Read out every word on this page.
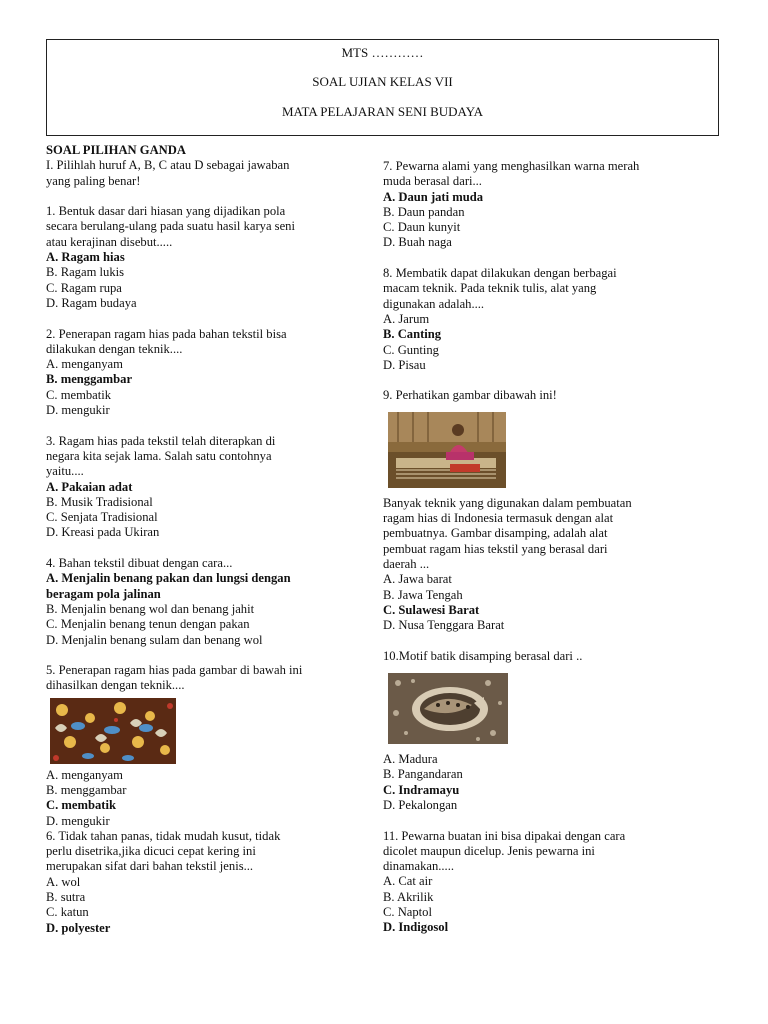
MTS …………
SOAL UJIAN KELAS VII
MATA PELAJARAN SENI BUDAYA
SOAL PILIHAN GANDA
I. Pilihlah huruf A, B, C atau D sebagai jawaban
yang paling benar!
1. Bentuk dasar dari hiasan yang dijadikan pola
secara berulang-ulang pada suatu hasil karya seni
atau kerajinan disebut.....
A. Ragam hias
B. Ragam lukis
C. Ragam rupa
D. Ragam budaya
2. Penerapan ragam hias pada bahan tekstil bisa
dilakukan dengan teknik....
A. menganyam
B. menggambar
C. membatik
D. mengukir
3. Ragam hias pada tekstil telah diterapkan di
negara kita sejak lama. Salah satu contohnya
yaitu....
A. Pakaian adat
B. Musik Tradisional
C. Senjata Tradisional
D. Kreasi pada Ukiran
4. Bahan tekstil dibuat dengan cara...
A. Menjalin benang pakan dan lungsi dengan
beragam pola jalinan
B. Menjalin benang wol dan benang jahit
C. Menjalin benang tenun dengan pakan
D. Menjalin benang sulam dan benang wol
5. Penerapan ragam hias pada gambar di bawah ini
dihasilkan dengan teknik....
A. menganyam
B. menggambar
C. membatik
D. mengukir
6. Tidak tahan panas, tidak mudah kusut, tidak
perlu disetrika,jika dicuci cepat kering ini
merupakan sifat dari bahan tekstil jenis...
A. wol
B. sutra
C. katun
D. polyester
7. Pewarna alami yang menghasilkan warna merah
muda berasal dari...
A. Daun jati muda
B. Daun pandan
C. Daun kunyit
D. Buah naga
8. Membatik dapat dilakukan dengan berbagai
macam teknik. Pada teknik tulis, alat yang
digunakan adalah....
A. Jarum
B. Canting
C. Gunting
D. Pisau
9. Perhatikan gambar dibawah ini!
Banyak teknik yang digunakan dalam pembuatan
ragam hias di Indonesia termasuk dengan alat
pembuatnya. Gambar disamping, adalah alat
pembuat ragam hias tekstil yang berasal dari
daerah ...
A. Jawa barat
B. Jawa Tengah
C. Sulawesi Barat
D. Nusa Tenggara Barat
10.Motif batik disamping berasal dari ..
A. Madura
B. Pangandaran
C. Indramayu
D. Pekalongan
11. Pewarna buatan ini bisa dipakai dengan cara
dicolet maupun dicelup. Jenis pewarna ini
dinamakan.....
A. Cat air
B. Akrilik
C. Naptol
D. Indigosol
